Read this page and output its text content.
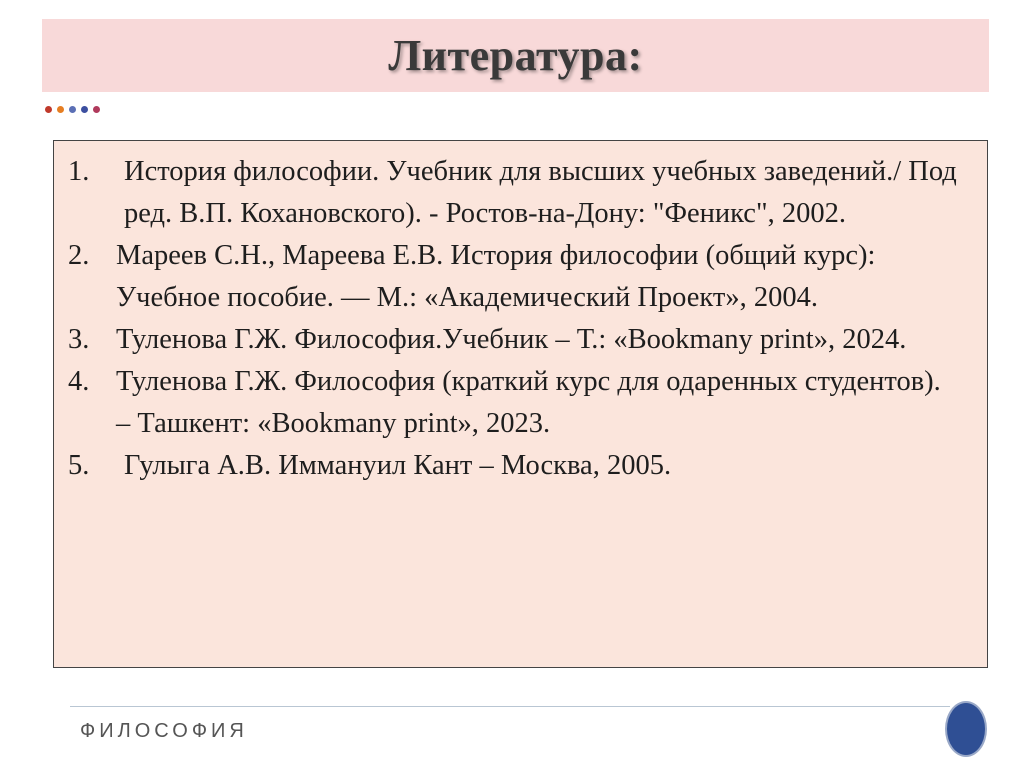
Литература:
1. История философии. Учебник для высших учебных заведений./ Под ред. В.П. Кохановского). - Ростов-на-Дону: "Феникс", 2002.
2. Мареев С.Н., Мареева Е.В. История философии (общий курс): Учебное пособие. — М.: «Академический Проект», 2004.
3. Туленова Г.Ж. Философия.Учебник – Т.: «Bookmany print», 2024.
4. Туленова Г.Ж. Философия (краткий курс для одаренных студентов). – Ташкент: «Bookmany print», 2023.
5. Гулыга А.В. Иммануил Кант – Москва, 2005.
ФИЛОСОФИЯ
